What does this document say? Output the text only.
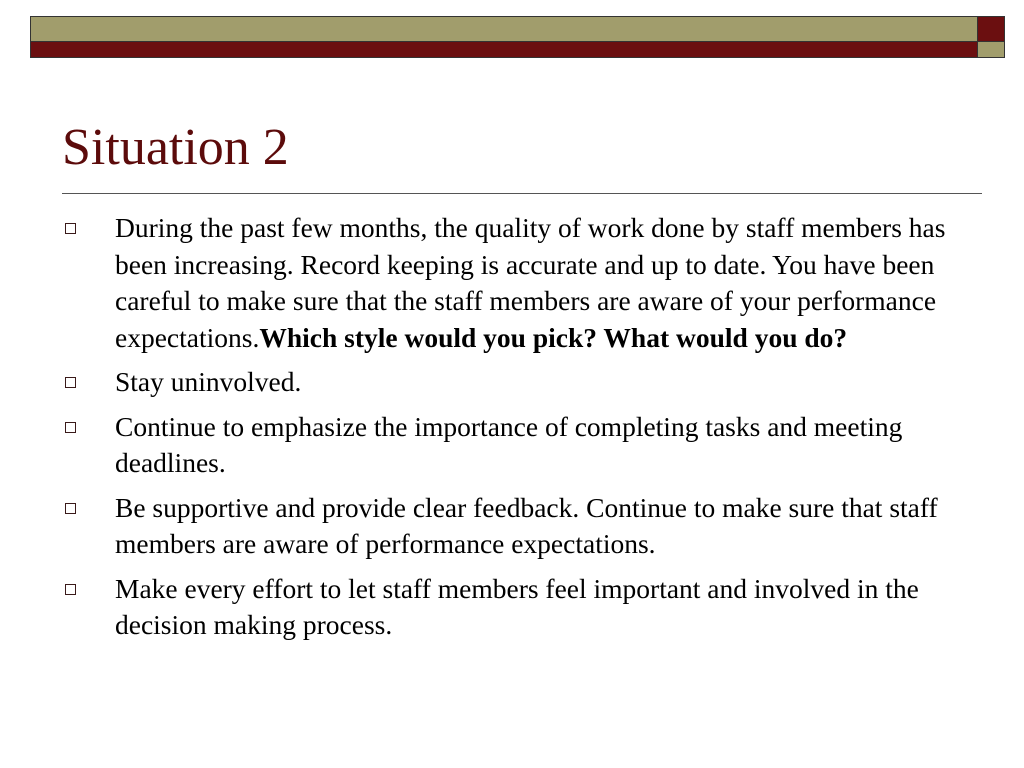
Situation 2
During the past few months, the quality of work done by staff members has been increasing. Record keeping is accurate and up to date. You have been careful to make sure that the staff members are aware of your performance expectations.Which style would you pick? What would you do?
Stay uninvolved.
Continue to emphasize the importance of completing tasks and meeting deadlines.
Be supportive and provide clear feedback. Continue to make sure that staff members are aware of performance expectations.
Make every effort to let staff members feel important and involved in the decision making process.
